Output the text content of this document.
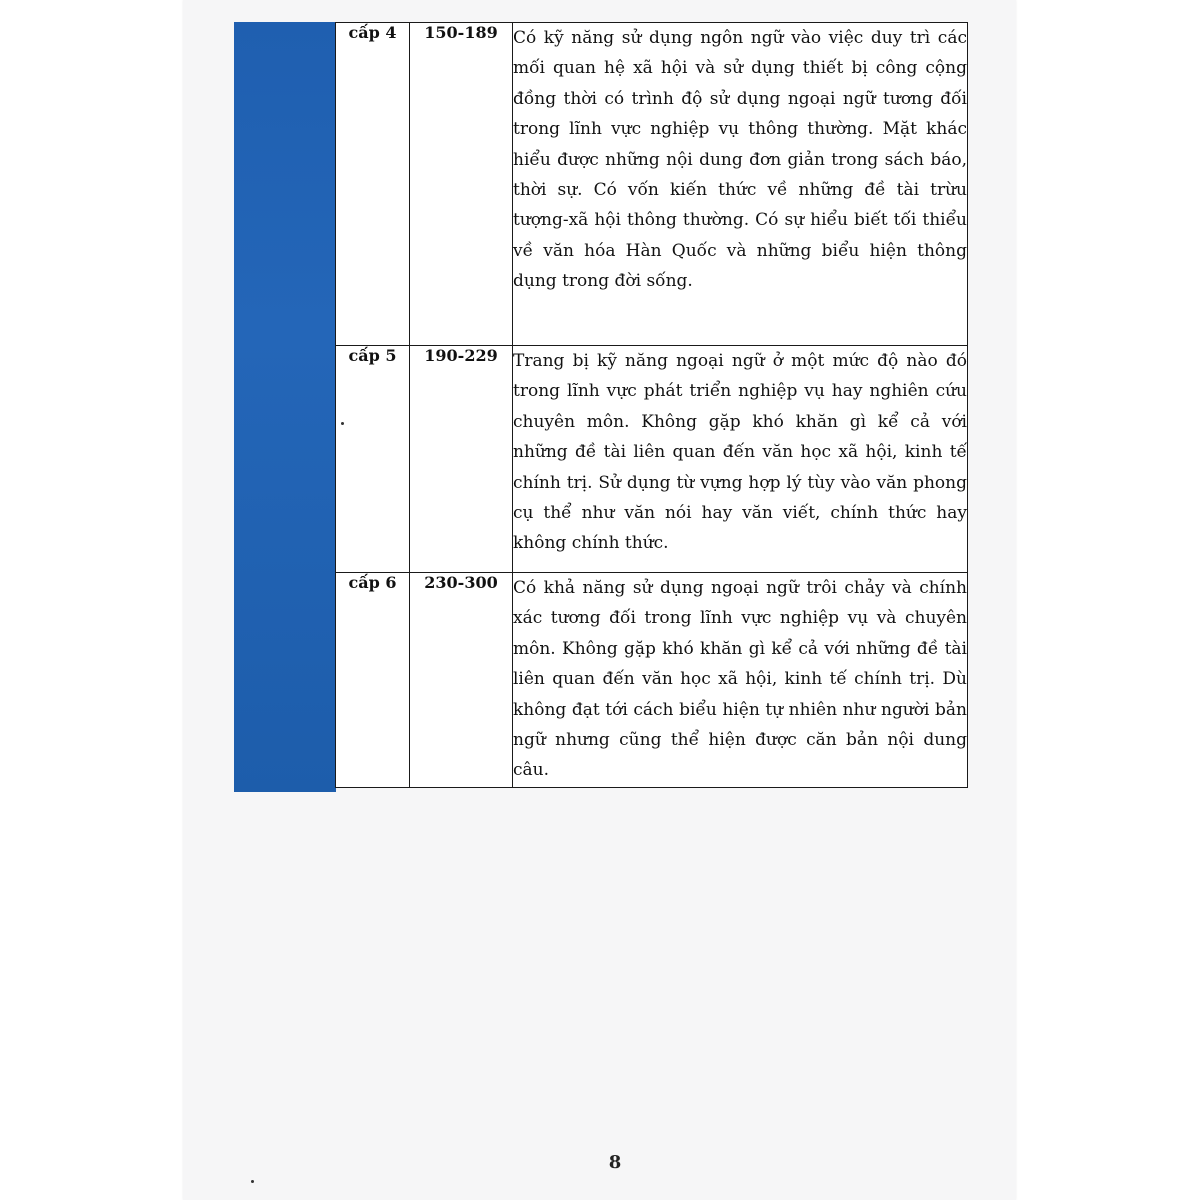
cấp 4	150-189	Có kỹ năng sử dụng ngôn ngữ vào việc duy trì các mối quan hệ xã hội và sử dụng thiết bị công cộng đồng thời có trình độ sử dụng ngoại ngữ tương đối trong lĩnh vực nghiệp vụ thông thường. Mặt khác hiểu được những nội dung đơn giản trong sách báo, thời sự. Có vốn kiến thức về những đề tài trừu tượng-xã hội thông thường. Có sự hiểu biết tối thiểu về văn hóa Hàn Quốc và những biểu hiện thông dụng trong đời sống.
cấp 5	190-229	Trang bị kỹ năng ngoại ngữ ở một mức độ nào đó trong lĩnh vực phát triển nghiệp vụ hay nghiên cứu chuyên môn. Không gặp khó khăn gì kể cả với những đề tài liên quan đến văn học xã hội, kinh tế chính trị. Sử dụng từ vựng hợp lý tùy vào văn phong cụ thể như văn nói hay văn viết, chính thức hay không chính thức.
cấp 6	230-300	Có khả năng sử dụng ngoại ngữ trôi chảy và chính xác tương đối trong lĩnh vực nghiệp vụ và chuyên môn. Không gặp khó khăn gì kể cả với những đề tài liên quan đến văn học xã hội, kinh tế chính trị. Dù không đạt tới cách biểu hiện tự nhiên như người bản ngữ nhưng cũng thể hiện được căn bản nội dung câu.
8
